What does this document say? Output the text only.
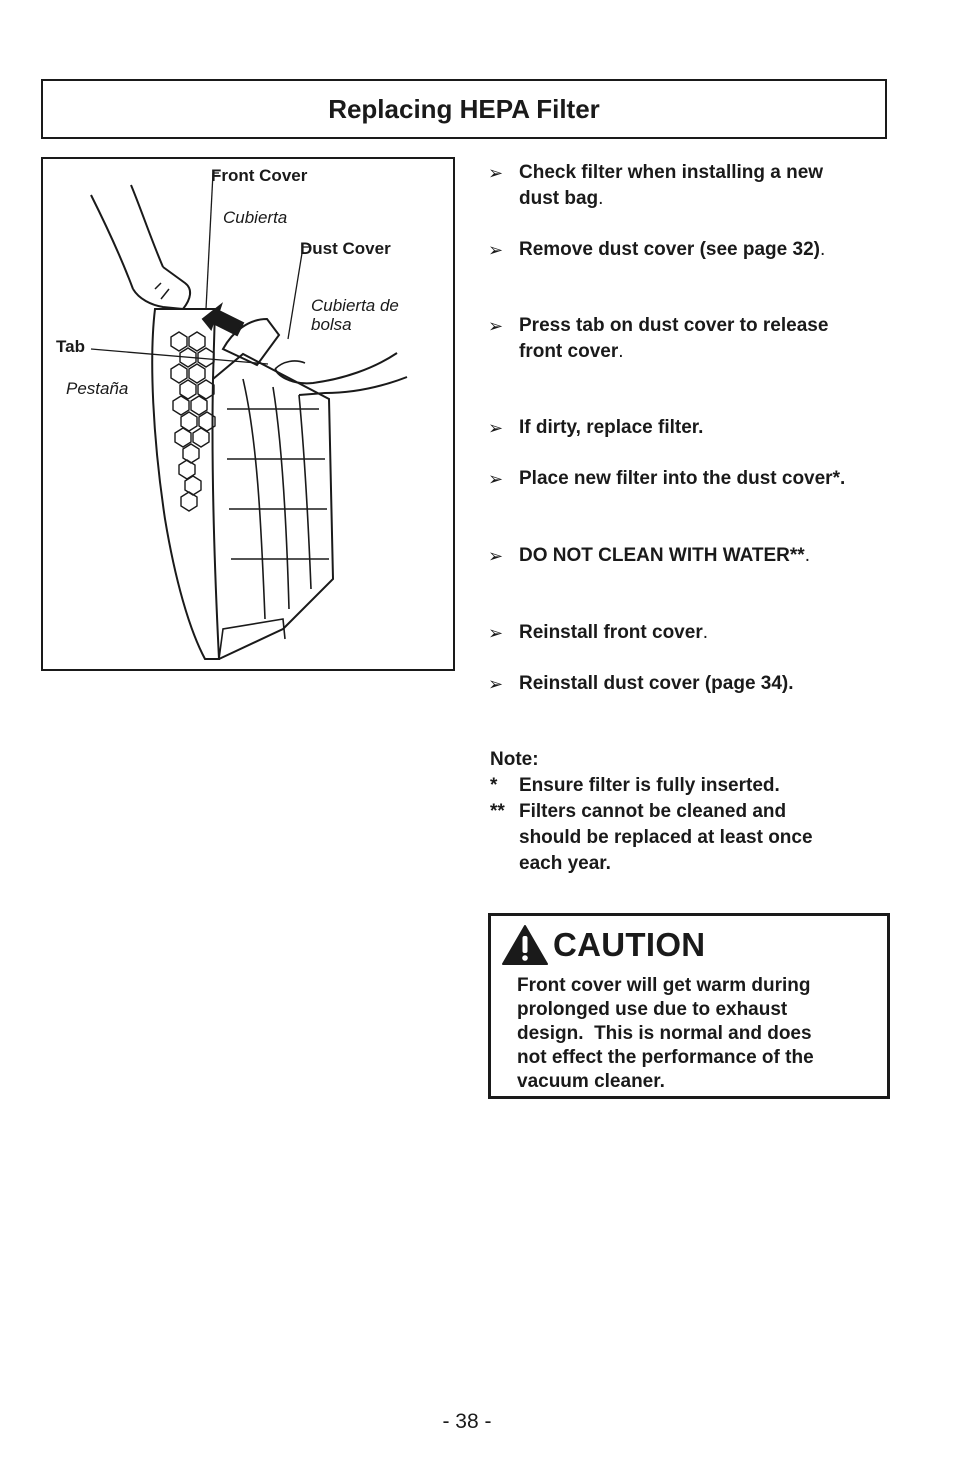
Replacing HEPA Filter
Front Cover
Cubierta
Dust Cover
Cubierta de
bolsa
Tab
Pestaña
➢ Check filter when installing a new
dust bag.
➢ Remove dust cover (see page 32).
➢ Press tab on dust cover to release
front cover.
➢ If dirty, replace filter.
➢ Place new filter into the dust cover*.
➢ DO NOT CLEAN WITH WATER**.
➢ Reinstall front cover.
➢ Reinstall dust cover (page 34).
Note:
*	Ensure filter is fully inserted.
** Filters cannot be cleaned and
should be replaced at least once
each year.
CAUTION
Front cover will get warm during
prolonged use due to exhaust
design.  This is normal and does
not effect the performance of the
vacuum cleaner.
- 38 -
